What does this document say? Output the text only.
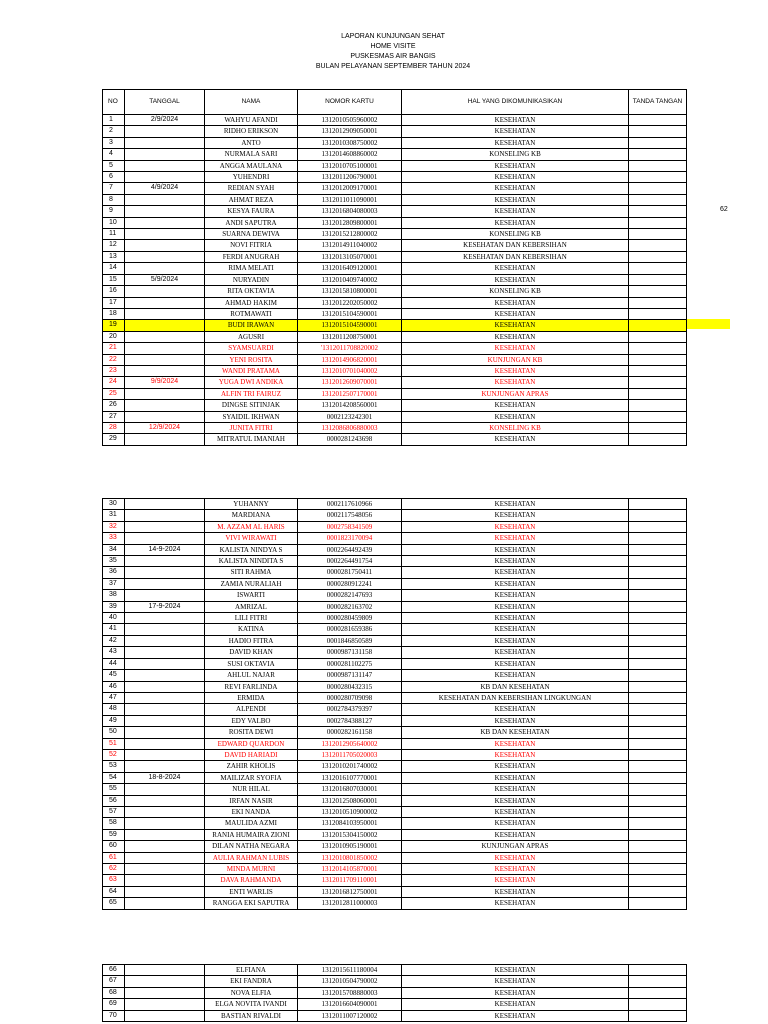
LAPORAN KUNJUNGAN SEHAT
HOME VISITE
PUSKESMAS AIR BANGIS
BULAN PELAYANAN SEPTEMBER TAHUN 2024
62
NO	TANGGAL	NAMA	NOMOR KARTU	HAL YANG DIKOMUNIKASIKAN	TANDA TANGAN
1	2/9/2024	WAHYU AFANDI	1312010505960002	KESEHATAN	
2		RIDHO ERIKSON	1312012909050001	KESEHATAN	
3		ANTO	1312010308750002	KESEHATAN	
4		NURMALA SARI	1312014608860002	KONSELING KB	
5		ANGGA MAULANA	1312010705100001	KESEHATAN	
6		YUHENDRI	1312011206790001	KESEHATAN	
7	4/9/2024	REDIAN SYAH	1312012009170001	KESEHATAN	
8		AHMAT REZA	1312011011090001	KESEHATAN	
9		KESYA FAURA	1312016804080003	KESEHATAN	
10		ANDI SAPUTRA	1312012809800001	KESEHATAN	
11		SUARNA DEWIVA	1312015212800002	KONSELING KB	
12		NOVI FITRIA	1312014911040002	KESEHATAN DAN KEBERSIHAN	
13		FERDI ANUGRAH	1312013105070001	KESEHATAN DAN KEBERSIHAN	
14		RIMA MELATI	1312016409120001	KESEHATAN	
15	5/9/2024	NURYADIN	1312010409740002	KESEHATAN	
16		RITA OKTAVIA	1312015810800001	KONSELING KB	
17		AHMAD HAKIM	1312012202050002	KESEHATAN	
18		ROTMAWATI	1312015104590001	KESEHATAN	
19		BUDI IRAWAN	1312015104590001	KESEHATAN	
20		AGUSRI	1312011208750001	KESEHATAN	
21		SYAMSUARDI	'1312011708820002	KESEHATAN	
22		YENI ROSITA	1312014906820001	KUNJUNGAN KB	
23		WANDI PRATAMA	1312010701040002	KESEHATAN	
24	9/9/2024	YUGA DWI ANDIKA	1312012609070001	KESEHATAN	
25		ALFIN TRI FAIRUZ	1312012507170001	KUNJUNGAN APRAS	
26		DINGSE SITINJAK	1312014208560001	KESEHATAN	
27		SYAIDIL IKHWAN	0002123242301	KESEHATAN	
28	12/9/2024	JUNITA FITRI	1312086806880003	KONSELING KB	
29		MITRATUL IMANIAH	0000281243698	KESEHATAN	
30		YUHANNY	0002117610966	KESEHATAN	
31		MARDIANA	0002117548056	KESEHATAN	
32		M. AZZAM AL HARIS	0002758341509	KESEHATAN	
33		VIVI WIRAWATI	0001823170094	KESEHATAN	
34	14-9-2024	KALISTA NINDYA S	0002264492439	KESEHATAN	
35		KALISTA NINDITA S	0002264491754	KESEHATAN	
36		SITI RAHMA	0000281750411	KESEHATAN	
37		ZAMIA NURALIAH	0000280912241	KESEHATAN	
38		ISWARTI	0000282147693	KESEHATAN	
39	17-9-2024	AMRIZAL	0000282163702	KESEHATAN	
40		LILI FITRI	0000280459809	KESEHATAN	
41		KATINA	0000281659386	KESEHATAN	
42		HADIO FITRA	0001846850589	KESEHATAN	
43		DAVID KHAN	0000987131158	KESEHATAN	
44		SUSI OKTAVIA	0000281102275	KESEHATAN	
45		AHLUL NAJAR	0000987131147	KESEHATAN	
46		REVI FARLINDA	0000280432315	KB DAN KESEHATAN	
47		ERMIDA	0000280709098	KESEHATAN DAN KEBERSIHAN LINGKUNGAN	
48		ALPENDI	0002784379397	KESEHATAN	
49		EDY VALBO	0002784388127	KESEHATAN	
50		ROSITA DEWI	0000282161158	KB DAN KESEHATAN	
51		EDWARD QUARDON	1312012905640002	KESEHATAN	
52		DAVID HARIADI	1312011705020003	KESEHATAN	
53		ZAHIR KHOLIS	1312010201740002	KESEHATAN	
54	18-8-2024	MAILIZAR SYOFIA	1312016107770001	KESEHATAN	
55		NUR HILAL	1312016807030001	KESEHATAN	
56		IRFAN NASIR	1312012508060001	KESEHATAN	
57		EKI NANDA	1312010510900002	KESEHATAN	
58		MAULIDA AZMI	1312084103950001	KESEHATAN	
59		RANIA HUMAIRA ZIONI	1312015304150002	KESEHATAN	
60		DILAN NATHA NEGARA	1312010905190001	KUNJUNGAN APRAS	
61		AULIA RAHMAN LUBIS	1312010801850002	KESEHATAN	
62		MINDA MURNI	1312014105870001	KESEHATAN	
63		DAVA RAHMANDA	1312011709110001	KESEHATAN	
64		ENTI WARLIS	1312016812750001	KESEHATAN	
65		RANGGA EKI SAPUTRA	1312012811000003	KESEHATAN	
66		ELFIANA	1312015611180004	KESEHATAN	
67		EKI FANDRA	1312010504790002	KESEHATAN	
68		NOVA ELFIA	1312015708880003	KESEHATAN	
69		ELGA NOVITA IVANDI	1312016604090001	KESEHATAN	
70		BASTIAN RIVALDI	1312011007120002	KESEHATAN	
